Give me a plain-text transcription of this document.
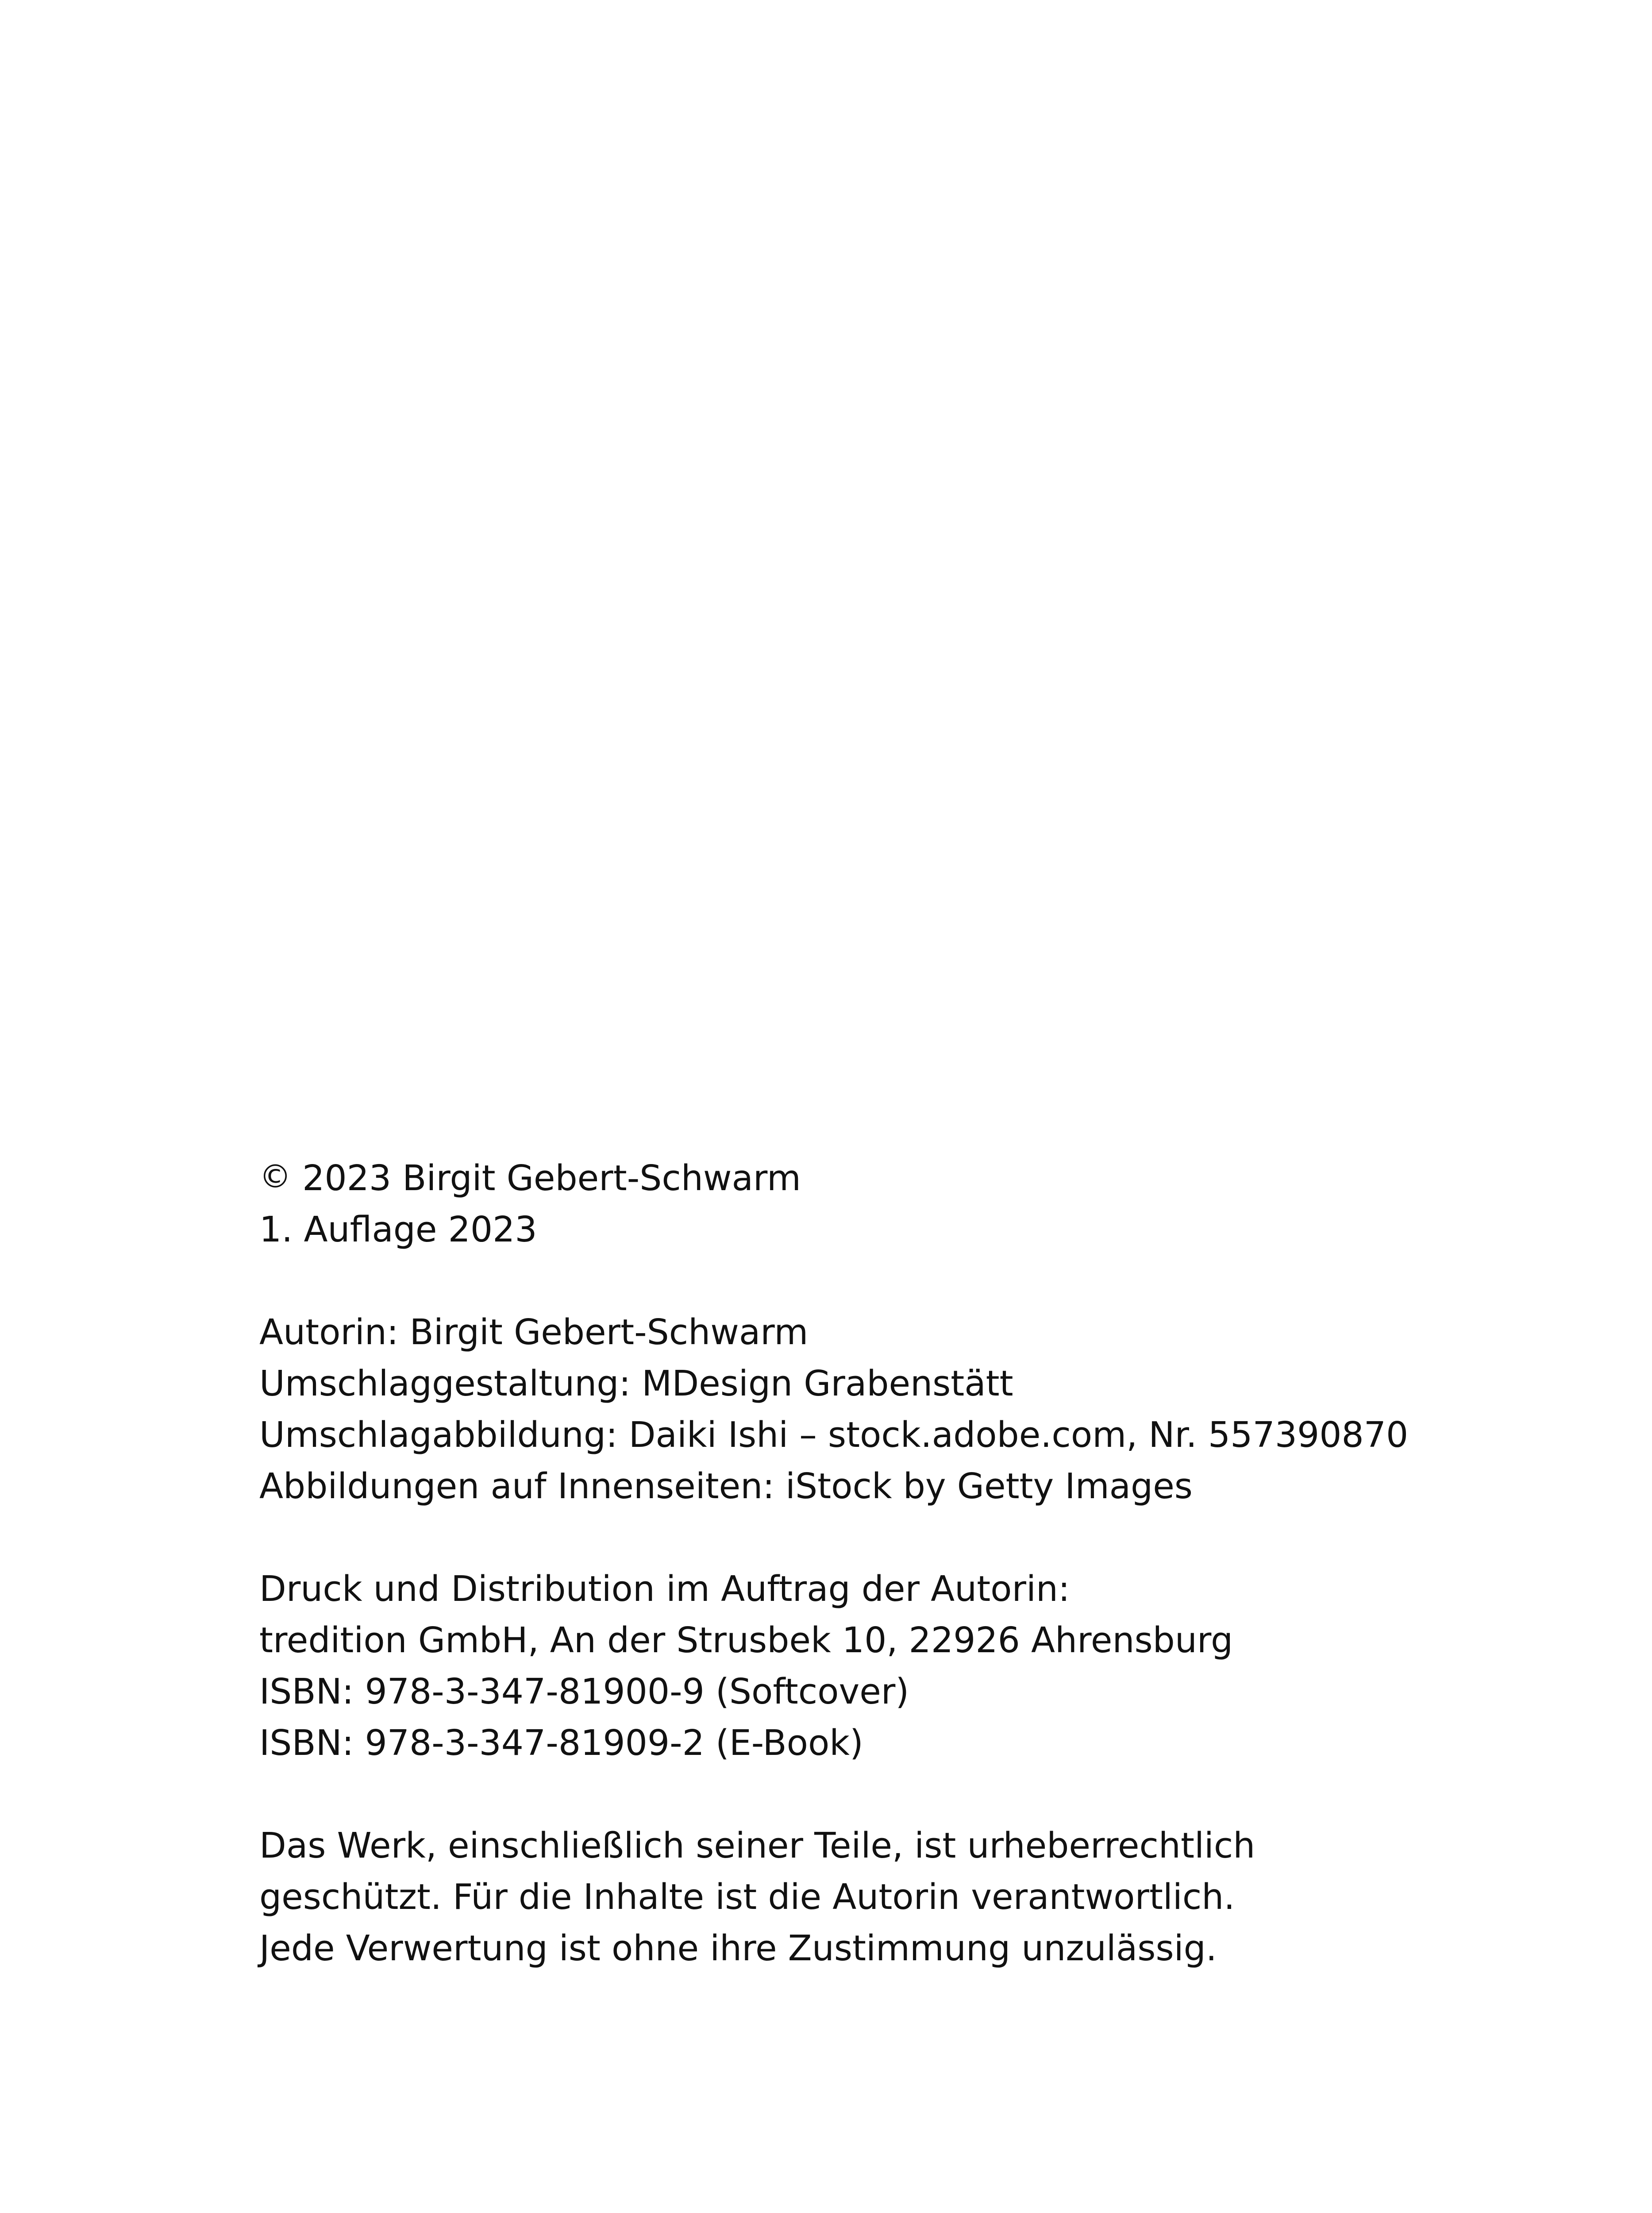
© 2023 Birgit Gebert-Schwarm
1. Auflage 2023
Autorin: Birgit Gebert-Schwarm
Umschlaggestaltung: MDesign Grabenstätt
Umschlagabbildung: Daiki Ishi – stock.adobe.com, Nr. 557390870
Abbildungen auf Innenseiten: iStock by Getty Images
Druck und Distribution im Auftrag der Autorin:
tredition GmbH, An der Strusbek 10, 22926 Ahrensburg
ISBN: 978-3-347-81900-9 (Softcover)
ISBN: 978-3-347-81909-2 (E-Book)
Das Werk, einschließlich seiner Teile, ist urheberrechtlich
geschützt. Für die Inhalte ist die Autorin verantwortlich.
Jede Verwertung ist ohne ihre Zustimmung unzulässig.
